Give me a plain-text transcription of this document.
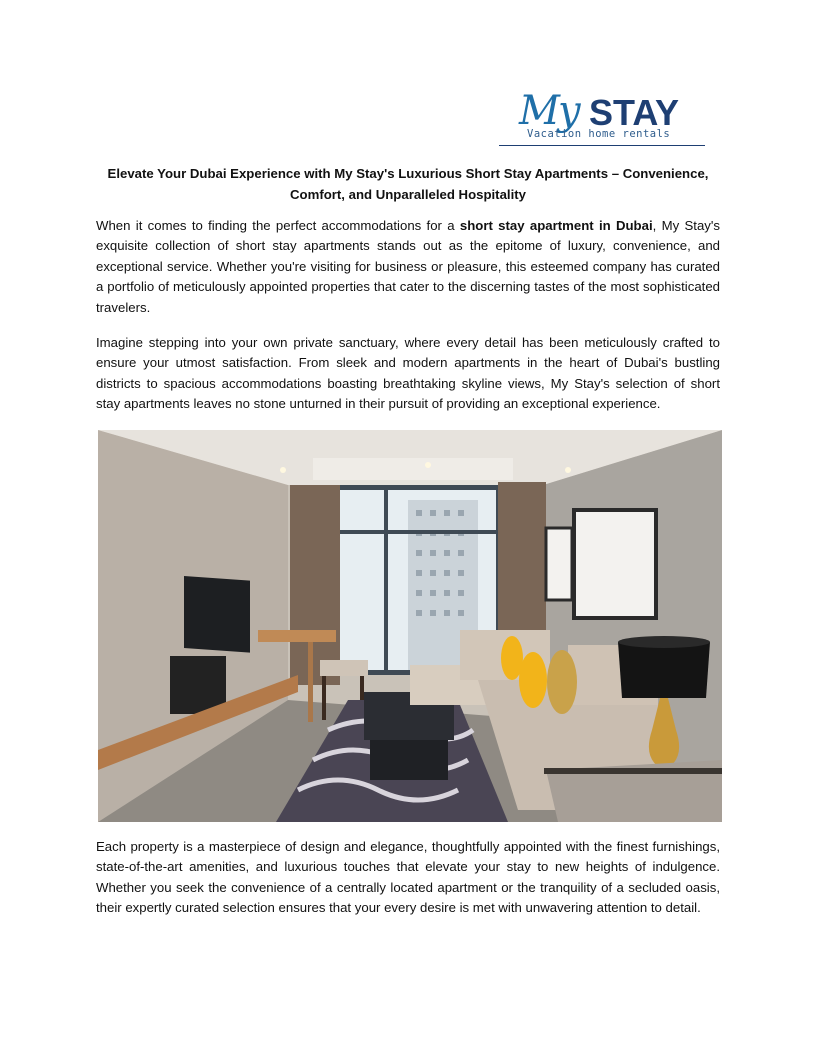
My STAY
Vacation home rentals
Elevate Your Dubai Experience with My Stay's Luxurious Short Stay Apartments – Convenience, Comfort, and Unparalleled Hospitality

When it comes to finding the perfect accommodations for a short stay apartment in Dubai, My Stay's exquisite collection of short stay apartments stands out as the epitome of luxury, convenience, and exceptional service. Whether you're visiting for business or pleasure, this esteemed company has curated a portfolio of meticulously appointed properties that cater to the discerning tastes of the most sophisticated travelers.

Imagine stepping into your own private sanctuary, where every detail has been meticulously crafted to ensure your utmost satisfaction. From sleek and modern apartments in the heart of Dubai's bustling districts to spacious accommodations boasting breathtaking skyline views, My Stay's selection of short stay apartments leaves no stone unturned in their pursuit of providing an exceptional experience.

Each property is a masterpiece of design and elegance, thoughtfully appointed with the finest furnishings, state-of-the-art amenities, and luxurious touches that elevate your stay to new heights of indulgence. Whether you seek the convenience of a centrally located apartment or the tranquility of a secluded oasis, their expertly curated selection ensures that your every desire is met with unwavering attention to detail.
